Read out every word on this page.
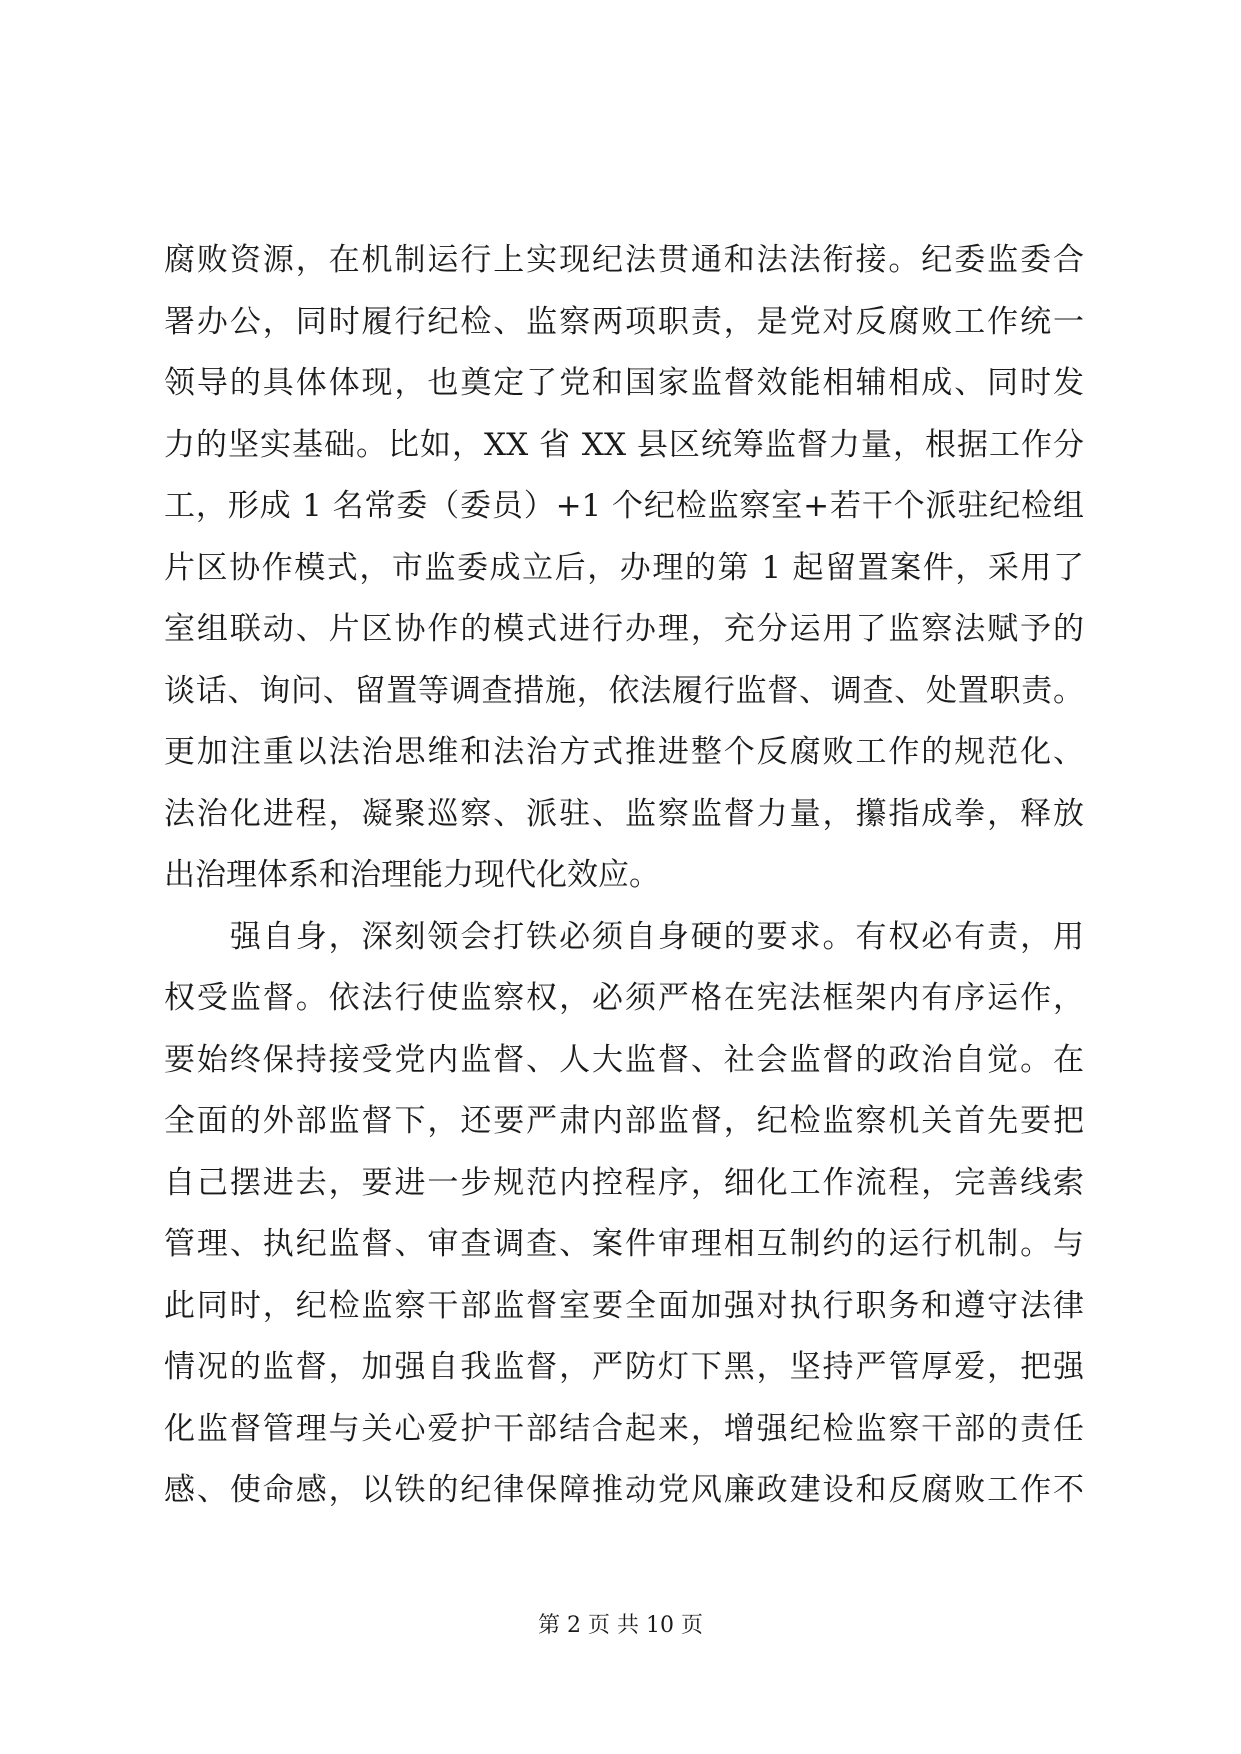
腐败资源，在机制运行上实现纪法贯通和法法衔接。纪委监委合
署办公，同时履行纪检、监察两项职责，是党对反腐败工作统一
领导的具体体现，也奠定了党和国家监督效能相辅相成、同时发
力的坚实基础。比如，XX 省 XX 县区统筹监督力量，根据工作分
工，形成 1 名常委（委员）+1 个纪检监察室+若干个派驻纪检组
片区协作模式，市监委成立后，办理的第 1 起留置案件，采用了
室组联动、片区协作的模式进行办理，充分运用了监察法赋予的
谈话、询问、留置等调查措施，依法履行监督、调查、处置职责。
更加注重以法治思维和法治方式推进整个反腐败工作的规范化、
法治化进程，凝聚巡察、派驻、监察监督力量，攥指成拳，释放
出治理体系和治理能力现代化效应。
　　强自身，深刻领会打铁必须自身硬的要求。有权必有责，用
权受监督。依法行使监察权，必须严格在宪法框架内有序运作，
要始终保持接受党内监督、人大监督、社会监督的政治自觉。在
全面的外部监督下，还要严肃内部监督，纪检监察机关首先要把
自己摆进去，要进一步规范内控程序，细化工作流程，完善线索
管理、执纪监督、审查调查、案件审理相互制约的运行机制。与
此同时，纪检监察干部监督室要全面加强对执行职务和遵守法律
情况的监督，加强自我监督，严防灯下黑，坚持严管厚爱，把强
化监督管理与关心爱护干部结合起来，增强纪检监察干部的责任
感、使命感，以铁的纪律保障推动党风廉政建设和反腐败工作不
第 2 页 共 10 页
